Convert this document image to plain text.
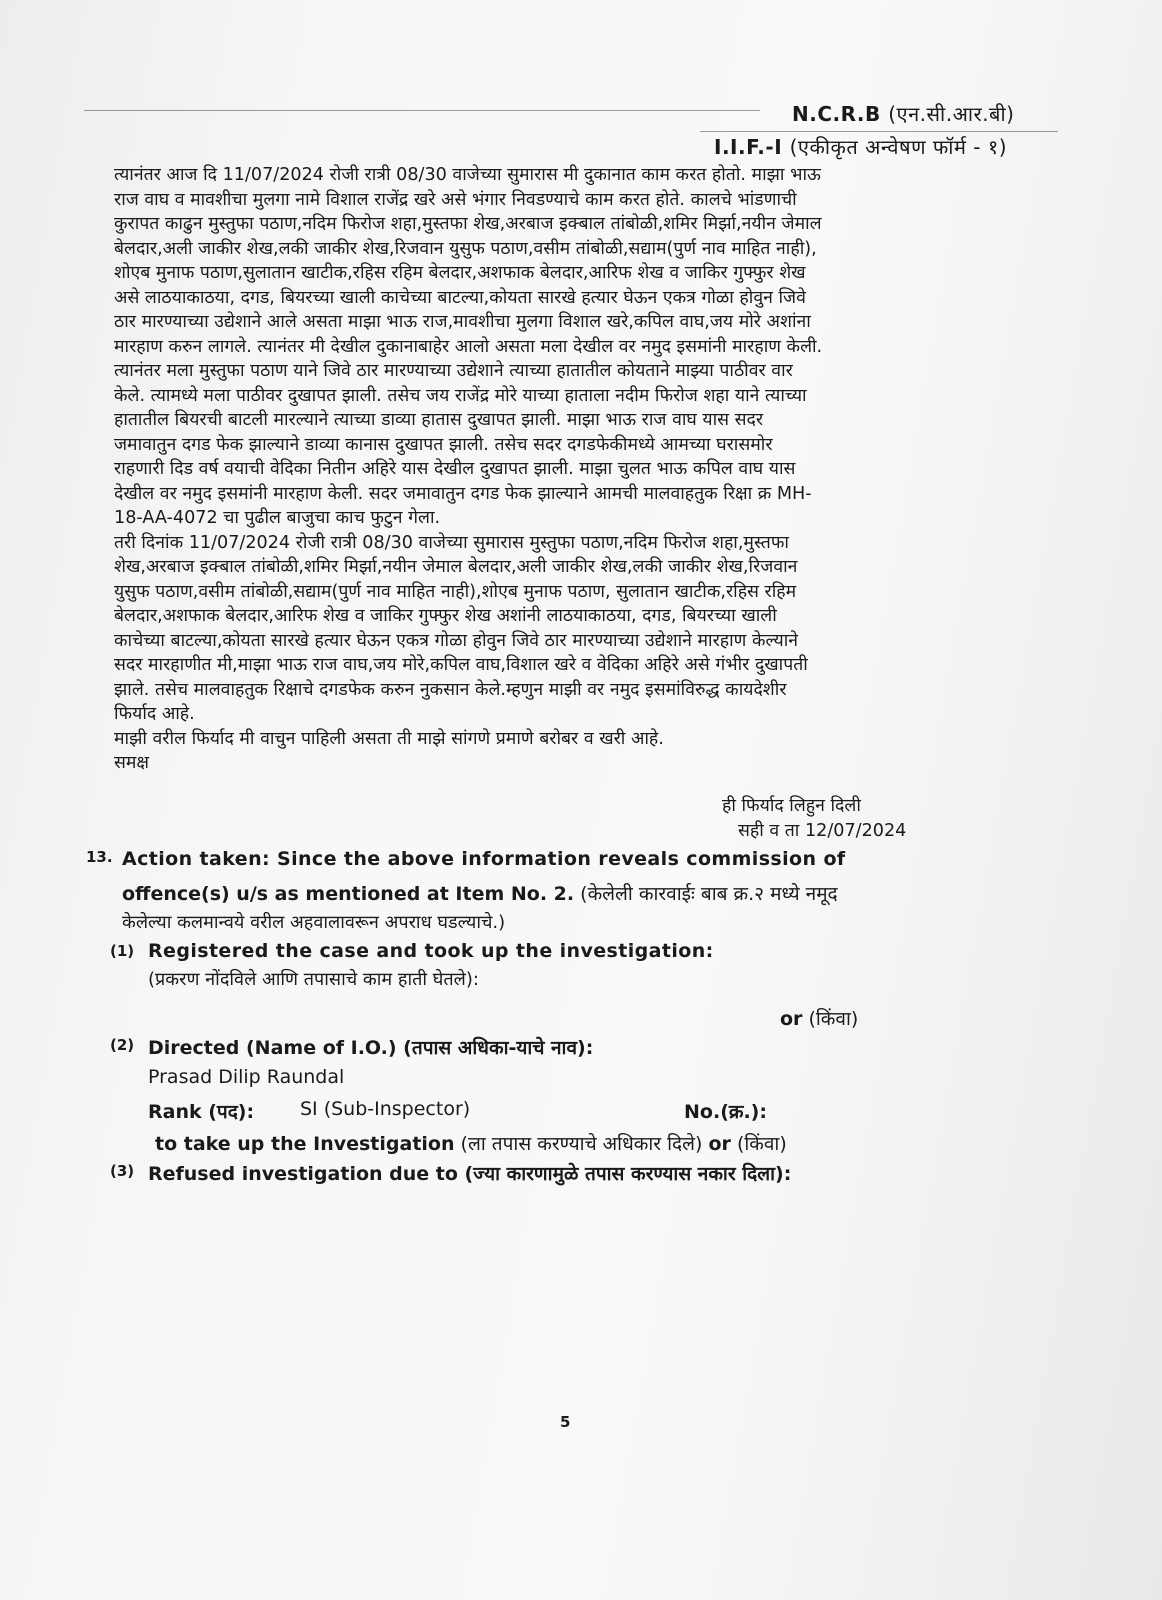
N.C.R.B (एन.सी.आर.बी)
I.I.F.-I (एकीकृत अन्वेषण फॉर्म - १)
त्यानंतर आज दि 11/07/2024 रोजी रात्री 08/30 वाजेच्या सुमारास मी दुकानात काम करत होतो. माझा भाऊ
राज वाघ व मावशीचा मुलगा नामे विशाल राजेंद्र खरे असे भंगार निवडण्याचे काम करत होते. कालचे भांडणाची
कुरापत काढुन मुस्तुफा पठाण,नदिम फिरोज शहा,मुस्तफा शेख,अरबाज इक्बाल तांबोळी,शमिर मिर्झा,नयीन जेमाल
बेलदार,अली जाकीर शेख,लकी जाकीर शेख,रिजवान युसुफ पठाण,वसीम तांबोळी,सद्याम(पुर्ण नाव माहित नाही),
शोएब मुनाफ पठाण,सुलातान खाटीक,रहिस रहिम बेलदार,अशफाक बेलदार,आरिफ शेख व जाकिर गुफ्फुर शेख
असे लाठयाकाठया, दगड, बियरच्या खाली काचेच्या बाटल्या,कोयता सारखे हत्यार घेऊन एकत्र गोळा होवुन जिवे
ठार मारण्याच्या उद्येशाने आले असता माझा भाऊ राज,मावशीचा मुलगा विशाल खरे,कपिल वाघ,जय मोरे अशांना
मारहाण करुन लागले. त्यानंतर मी देखील दुकानाबाहेर आलो असता मला देखील वर नमुद इसमांनी मारहाण केली.
त्यानंतर मला मुस्तुफा पठाण याने जिवे ठार मारण्याच्या उद्येशाने त्याच्या हातातील कोयताने माझ्या पाठीवर वार
केले. त्यामध्ये मला पाठीवर दुखापत झाली. तसेच जय राजेंद्र मोरे याच्या हाताला नदीम फिरोज शहा याने त्याच्या
हातातील बियरची बाटली मारल्याने त्याच्या डाव्या हातास दुखापत झाली. माझा भाऊ राज वाघ यास सदर
जमावातुन दगड फेक झाल्याने डाव्या कानास दुखापत झाली. तसेच सदर दगडफेकीमध्ये आमच्या घरासमोर
राहणारी दिड वर्ष वयाची वेदिका नितीन अहिरे यास देखील दुखापत झाली. माझा चुलत भाऊ कपिल वाघ यास
देखील वर नमुद इसमांनी मारहाण केली. सदर जमावातुन दगड फेक झाल्याने आमची मालवाहतुक रिक्षा क्र MH-
18-AA-4072 चा पुढील बाजुचा काच फुटुन गेला.
तरी दिनांक 11/07/2024 रोजी रात्री 08/30 वाजेच्या सुमारास मुस्तुफा पठाण,नदिम फिरोज शहा,मुस्तफा
शेख,अरबाज इक्बाल तांबोळी,शमिर मिर्झा,नयीन जेमाल बेलदार,अली जाकीर शेख,लकी जाकीर शेख,रिजवान
युसुफ पठाण,वसीम तांबोळी,सद्याम(पुर्ण नाव माहित नाही),शोएब मुनाफ पठाण, सुलातान खाटीक,रहिस रहिम
बेलदार,अशफाक बेलदार,आरिफ शेख व जाकिर गुफ्फुर शेख अशांनी लाठयाकाठया, दगड, बियरच्या खाली
काचेच्या बाटल्या,कोयता सारखे हत्यार घेऊन एकत्र गोळा होवुन जिवे ठार मारण्याच्या उद्येशाने मारहाण केल्याने
सदर मारहाणीत मी,माझा भाऊ राज वाघ,जय मोरे,कपिल वाघ,विशाल खरे व वेदिका अहिरे असे गंभीर दुखापती
झाले. तसेच मालवाहतुक रिक्षाचे दगडफेक करुन नुकसान केले.म्हणुन माझी वर नमुद इसमांविरुद्ध कायदेशीर
फिर्याद आहे.
माझी वरील फिर्याद मी वाचुन पाहिली असता ती माझे सांगणे प्रमाणे बरोबर व खरी आहे.
समक्ष
ही फिर्याद लिहुन दिली
सही व ता 12/07/2024
13. Action taken: Since the above information reveals commission of
offence(s) u/s as mentioned at Item No. 2. (केलेली कारवाईः बाब क्र.२ मध्ये नमूद
केलेल्या कलमान्वये वरील अहवालावरून अपराध घडल्याचे.)
(1) Registered the case and took up the investigation:
(प्रकरण नोंदविले आणि तपासाचे काम हाती घेतले):
or (किंवा)
(2) Directed (Name of I.O.) (तपास अधिका-याचे नाव):
Prasad Dilip Raundal
Rank (पद): SI (Sub-Inspector)	No.(क्र.):
to take up the Investigation (ला तपास करण्याचे अधिकार दिले) or (किंवा)
(3) Refused investigation due to (ज्या कारणामुळे तपास करण्यास नकार दिला):
5
